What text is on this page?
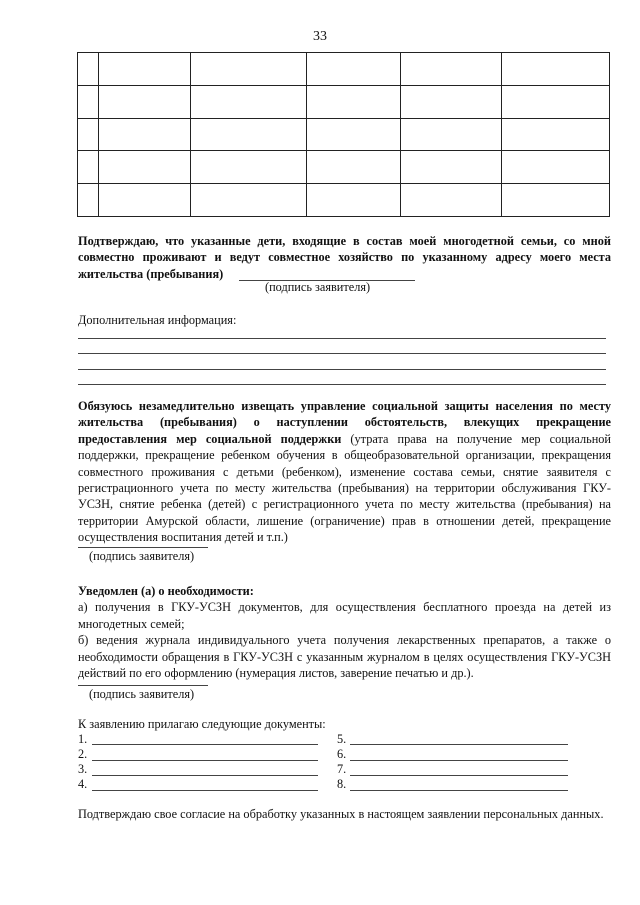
33

Подтверждаю, что указанные дети, входящие в состав моей многодетной семьи, со мной совместно проживают и ведут совместное хозяйство по указанному адресу моего места жительства (пребывания)
(подпись заявителя)
Дополнительная информация:
Обязуюсь незамедлительно извещать управление социальной защиты населения по месту жительства (пребывания) о наступлении обстоятельств, влекущих прекращение предоставления мер социальной поддержки (утрата права на получение мер социальной поддержки, прекращение ребенком обучения в общеобразовательной организации, прекращения совместного проживания с детьми (ребенком), изменение состава семьи, снятие заявителя с регистрационного учета по месту жительства (пребывания) на территории обслуживания ГКУ-УСЗН, снятие ребенка (детей) с регистрационного учета по месту жительства (пребывания) на территории Амурской области, лишение (ограничение) прав в отношении детей, прекращение осуществления воспитания детей и т.п.)
(подпись заявителя)
Уведомлен (а) о необходимости:
а) получения в ГКУ-УСЗН документов, для осуществления бесплатного проезда на детей из многодетных семей;
б) ведения журнала индивидуального учета получения лекарственных препаратов, а также о необходимости обращения в ГКУ-УСЗН с указанным журналом в целях осуществления ГКУ-УСЗН действий по его оформлению (нумерация листов, заверение печатью и др.).
(подпись заявителя)
К заявлению прилагаю следующие документы:
1.
2.
3.
4.
5.
6.
7.
8.
Подтверждаю свое согласие на обработку указанных в настоящем заявлении персональных данных.
